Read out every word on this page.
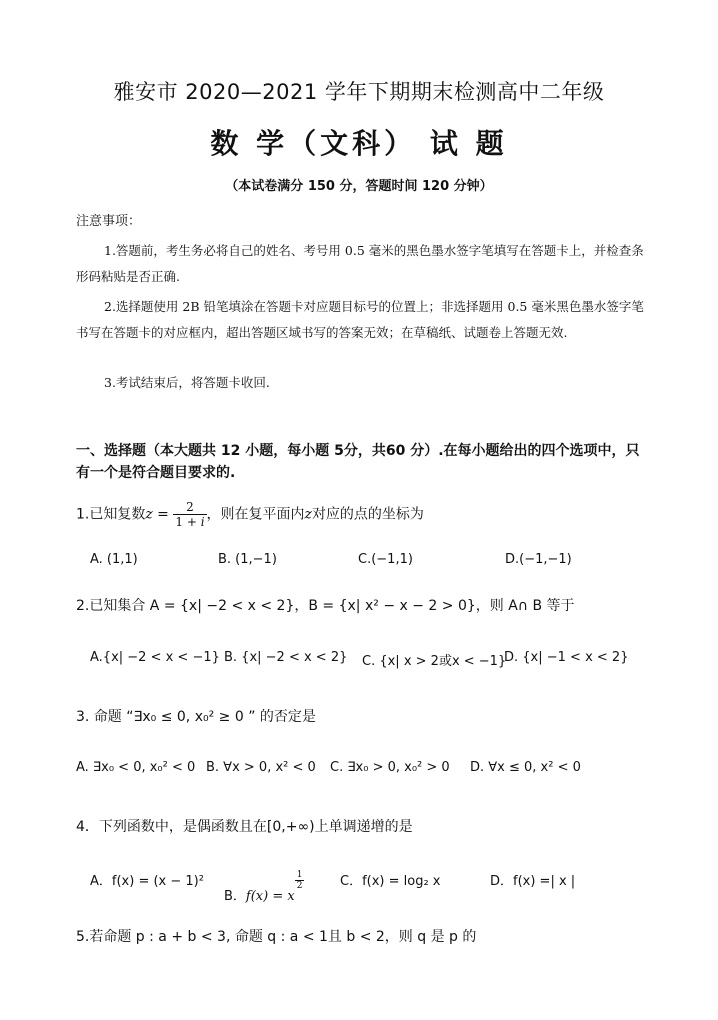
雅安市 2020—2021 学年下期期末检测高中二年级
数 学（文科） 试 题
（本试卷满分 150 分，答题时间 120 分钟）
注意事项：
1.答题前，考生务必将自己的姓名、考号用 0.5 毫米的黑色墨水签字笔填写在答题卡上，并检查条形码粘贴是否正确.
2.选择题使用 2B 铅笔填涂在答题卡对应题目标号的位置上；非选择题用 0.5 毫米黑色墨水签字笔书写在答题卡的对应框内，超出答题区域书写的答案无效；在草稿纸、试题卷上答题无效.
3.考试结束后，将答题卡收回.
一、选择题（本大题共 12 小题，每小题 5分，共60 分）.在每小题给出的四个选项中，只有一个是符合题目要求的.
1.已知复数$z = \frac{2}{1 + i}$ ，则在复平面内z对应的点的坐标为
A. (1,1)	B. (1,−1)	C.(−1,1)	D.(−1,−1)
2.已知集合 A = {x| −2 < x < 2}，B = {x| x² − x − 2 > 0}，则 A∩ B 等于
A.{x| −2 < x < −1} B. {x| −2 < x < 2} C. {x| x > 2或x < −1}
D. {x| −1 < x < 2}
3. 命题 “∃x₀ ≤ 0, x₀² ≥ 0 ” 的否定是
A. ∃x₀ < 0, x₀² < 0 B. ∀x > 0, x² < 0 C. ∃x₀ > 0, x₀² > 0 D. ∀x ≤ 0, x² < 0
4．下列函数中，是偶函数且在[0,+∞)上单调递增的是
A．f(x) = (x − 1)²
B．f(x) = x
$\frac{1}{2}$	C．f(x) = log₂ x	D．f(x) =| x |
5.若命题 p : a + b < 3, 命题 q : a < 1且 b < 2，则 q 是 p 的
